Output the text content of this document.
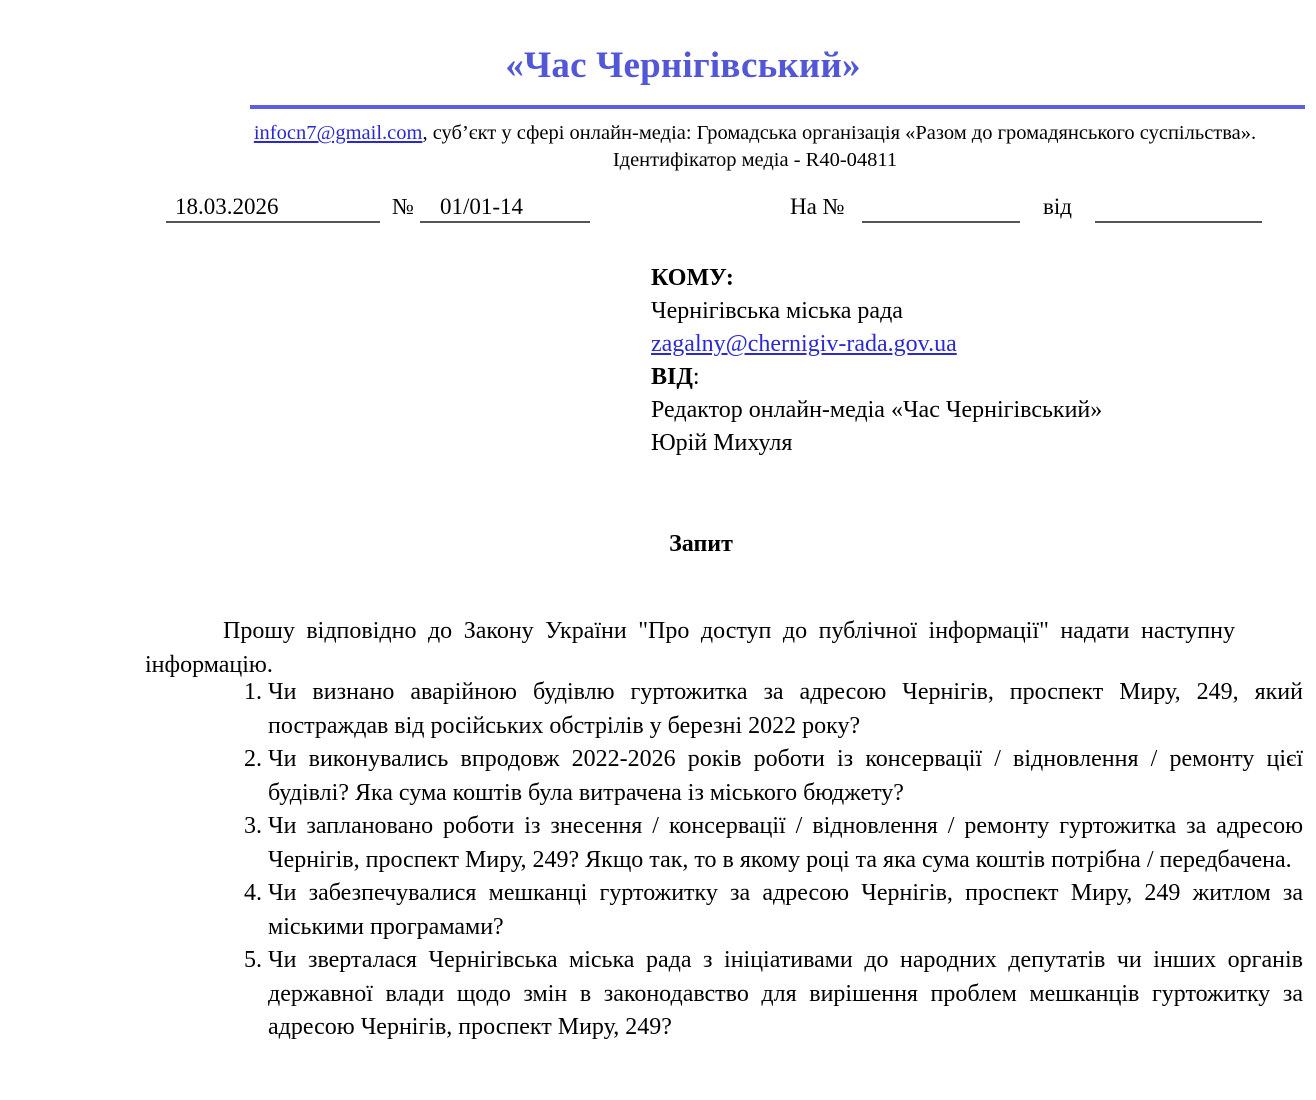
«Час Чернігівський»
infocn7@gmail.com, суб’єкт у сфері онлайн-медіа: Громадська організація «Разом до громадянського суспільства». Ідентифікатор медіа - R40-04811
18.03.2026	№ 01/01-14	На №	від
КОМУ:
Чернігівська міська рада
zagalny@chernigiv-rada.gov.ua
ВІД:
Редактор онлайн-медіа «Час Чернігівський»
Юрій Михуля
Запит

Прошу відповідно до Закону України "Про доступ до публічної інформації" надати наступну інформацію.

1. Чи визнано аварійною будівлю гуртожитка за адресою Чернігів, проспект Миру, 249, який постраждав від російських обстрілів у березні 2022 року?
2. Чи виконувались впродовж 2022-2026 років роботи із консервації / відновлення / ремонту цієї будівлі? Яка сума коштів була витрачена із міського бюджету?
3. Чи заплановано роботи із знесення / консервації / відновлення / ремонту гуртожитка за адресою Чернігів, проспект Миру, 249? Якщо так, то в якому році та яка сума коштів потрібна / передбачена.
4. Чи забезпечувалися мешканці гуртожитку за адресою Чернігів, проспект Миру, 249 житлом за міськими програмами?
5. Чи зверталася Чернігівська міська рада з ініціативами до народних депутатів чи інших органів державної влади щодо змін в законодавство для вирішення проблем мешканців гуртожитку за адресою Чернігів, проспект Миру, 249?
